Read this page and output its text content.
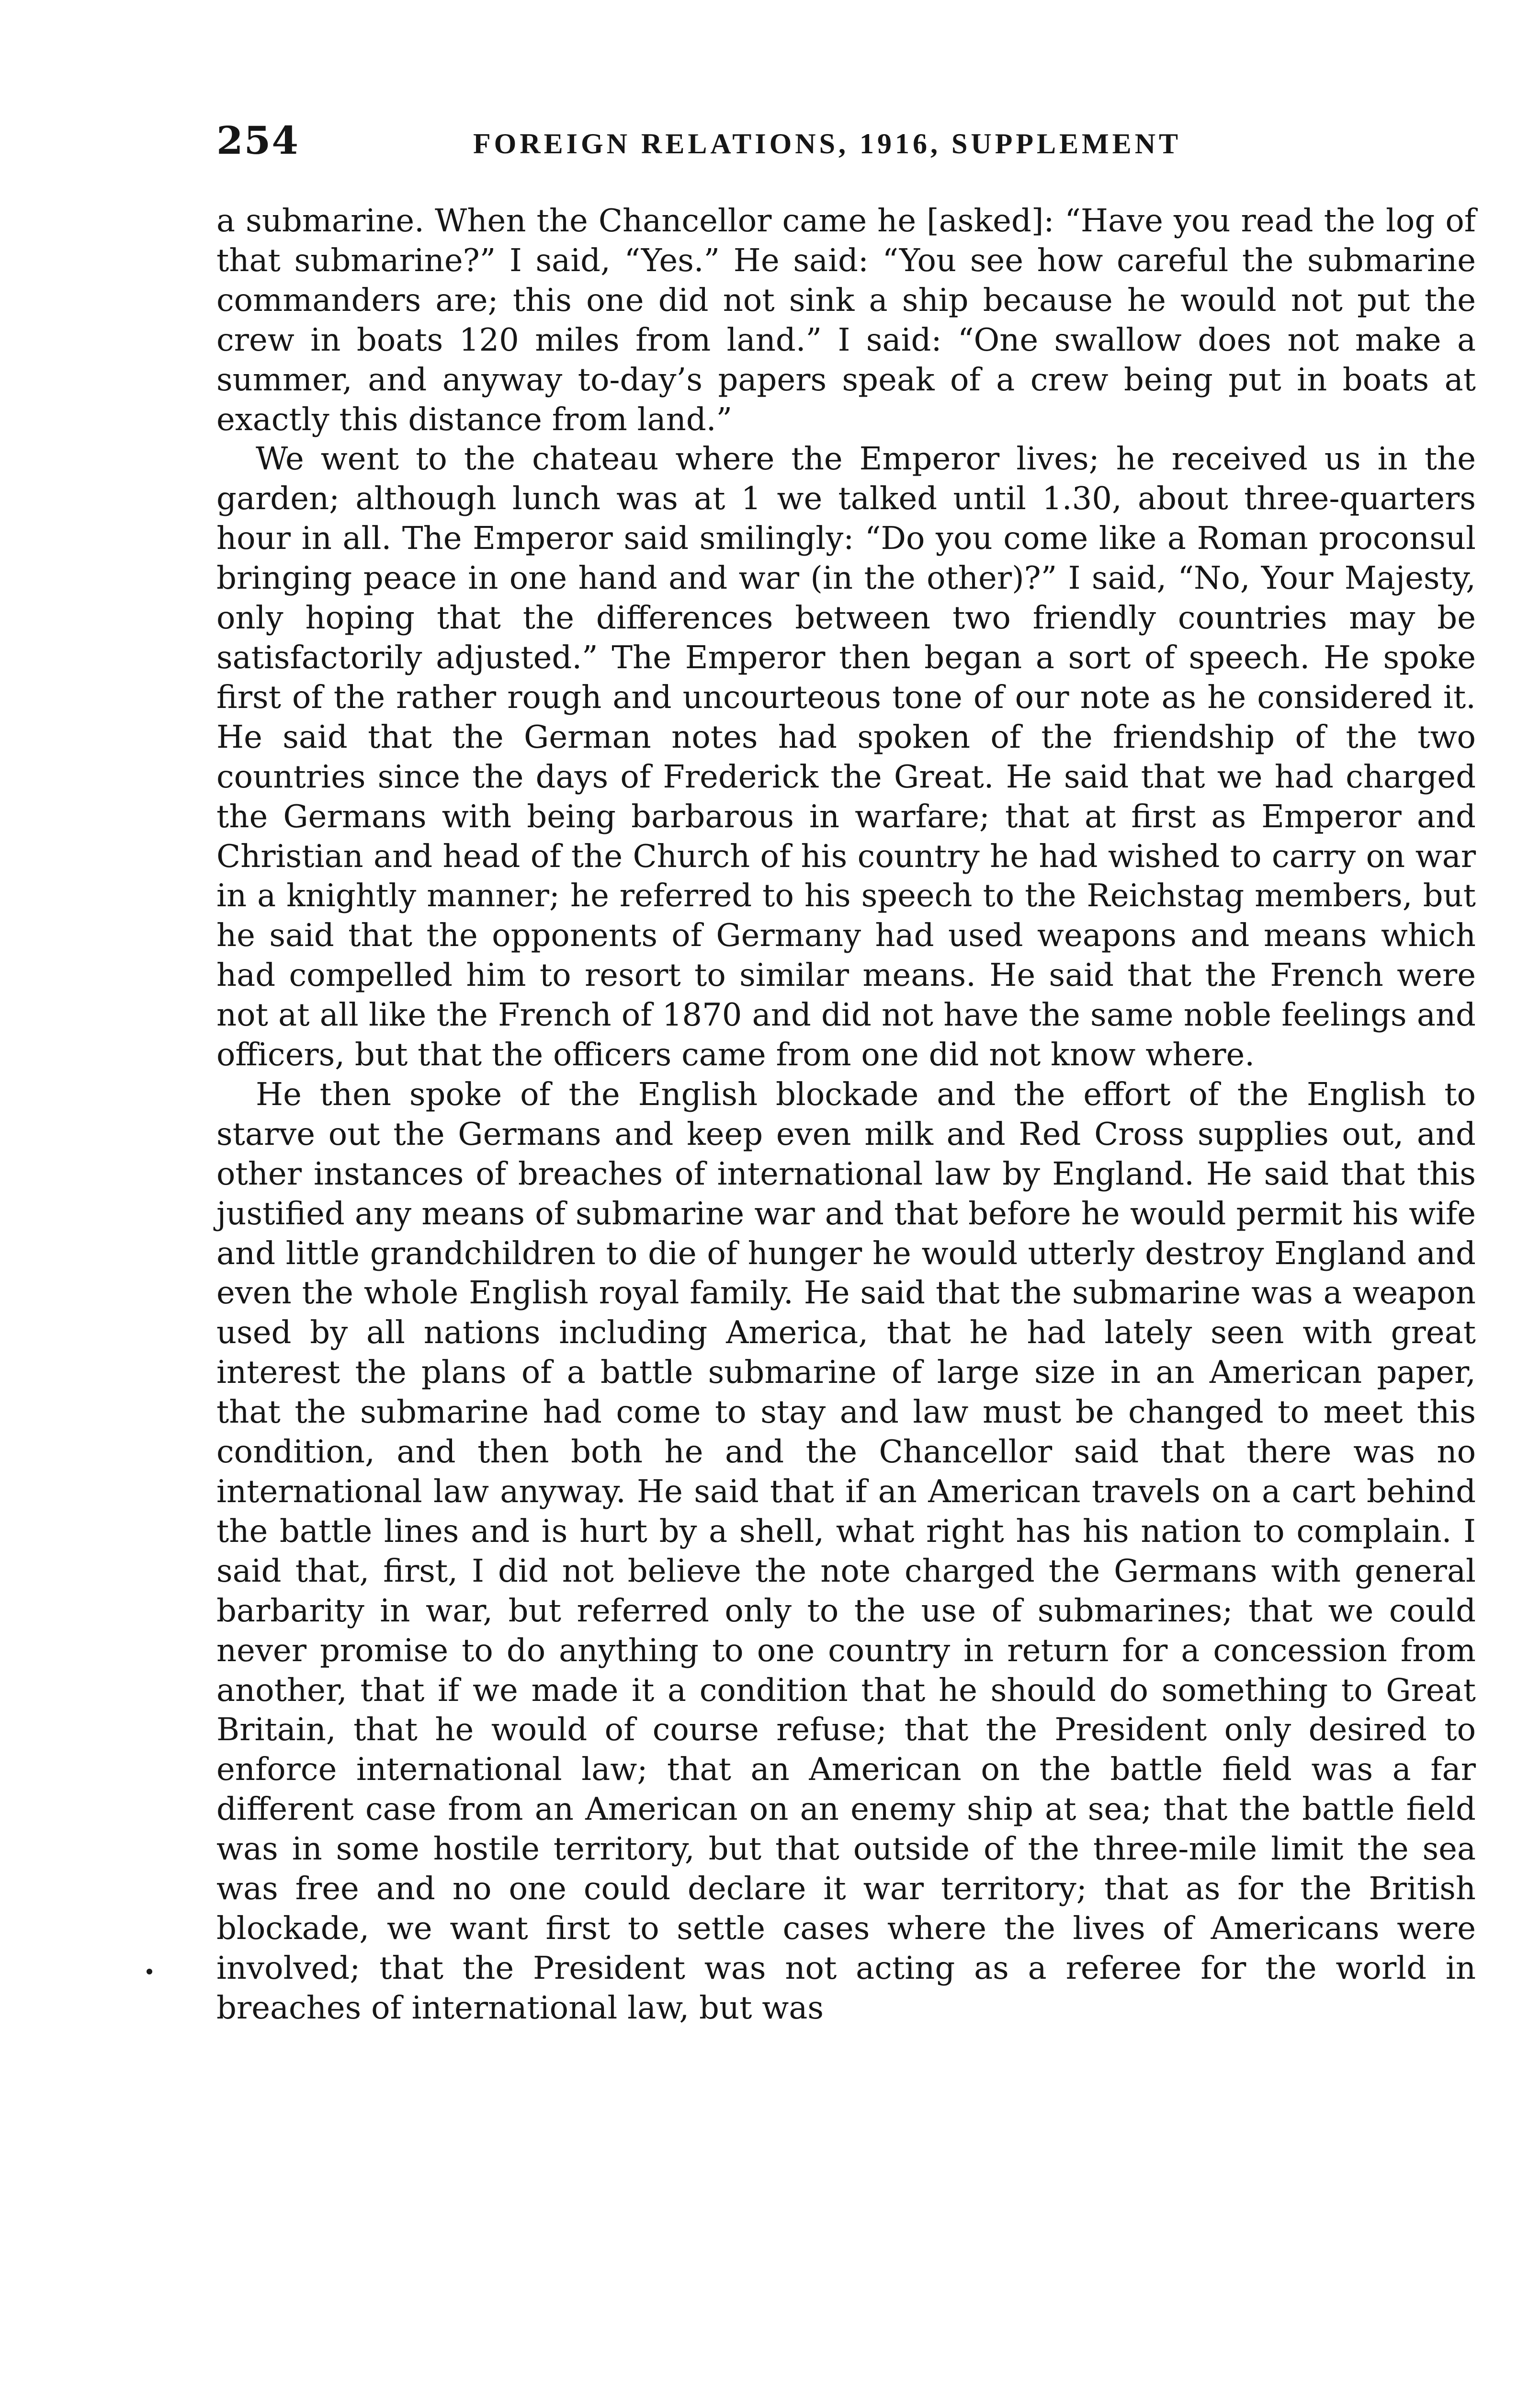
254	FOREIGN RELATIONS, 1916, SUPPLEMENT

a submarine. When the Chancellor came he [asked]: “Have you read the log of that submarine?” I said, “Yes.” He said: “You see how careful the submarine commanders are; this one did not sink a ship because he would not put the crew in boats 120 miles from land.” I said: “One swallow does not make a summer, and anyway to-day’s papers speak of a crew being put in boats at exactly this distance from land.”

We went to the chateau where the Emperor lives; he received us in the garden; although lunch was at 1 we talked until 1.30, about three-quarters hour in all. The Emperor said smilingly: “Do you come like a Roman proconsul bringing peace in one hand and war (in the other)?” I said, “No, Your Majesty, only hoping that the differences between two friendly countries may be satisfactorily adjusted.” The Emperor then began a sort of speech. He spoke first of the rather rough and uncourteous tone of our note as he considered it. He said that the German notes had spoken of the friendship of the two countries since the days of Frederick the Great. He said that we had charged the Germans with being barbarous in warfare; that at first as Emperor and Christian and head of the Church of his country he had wished to carry on war in a knightly manner; he referred to his speech to the Reichstag members, but he said that the opponents of Germany had used weapons and means which had compelled him to resort to similar means. He said that the French were not at all like the French of 1870 and did not have the same noble feelings and officers, but that the officers came from one did not know where.

He then spoke of the English blockade and the effort of the English to starve out the Germans and keep even milk and Red Cross supplies out, and other instances of breaches of international law by England. He said that this justified any means of submarine war and that before he would permit his wife and little grandchildren to die of hunger he would utterly destroy England and even the whole English royal family. He said that the submarine was a weapon used by all nations including America, that he had lately seen with great interest the plans of a battle submarine of large size in an American paper, that the submarine had come to stay and law must be changed to meet this condition, and then both he and the Chancellor said that there was no international law anyway. He said that if an American travels on a cart behind the battle lines and is hurt by a shell, what right has his nation to complain. I said that, first, I did not believe the note charged the Germans with general barbarity in war, but referred only to the use of submarines; that we could never promise to do anything to one country in return for a concession from another, that if we made it a condition that he should do something to Great Britain, that he would of course refuse; that the President only desired to enforce international law; that an American on the battle field was a far different case from an American on an enemy ship at sea; that the battle field was in some hostile territory, but that outside of the three-mile limit the sea was free and no one could declare it war territory; that as for the British blockade, we want first to settle cases where the lives of Americans were involved; that the President was not acting as a referee for the world in breaches of international law, but was
